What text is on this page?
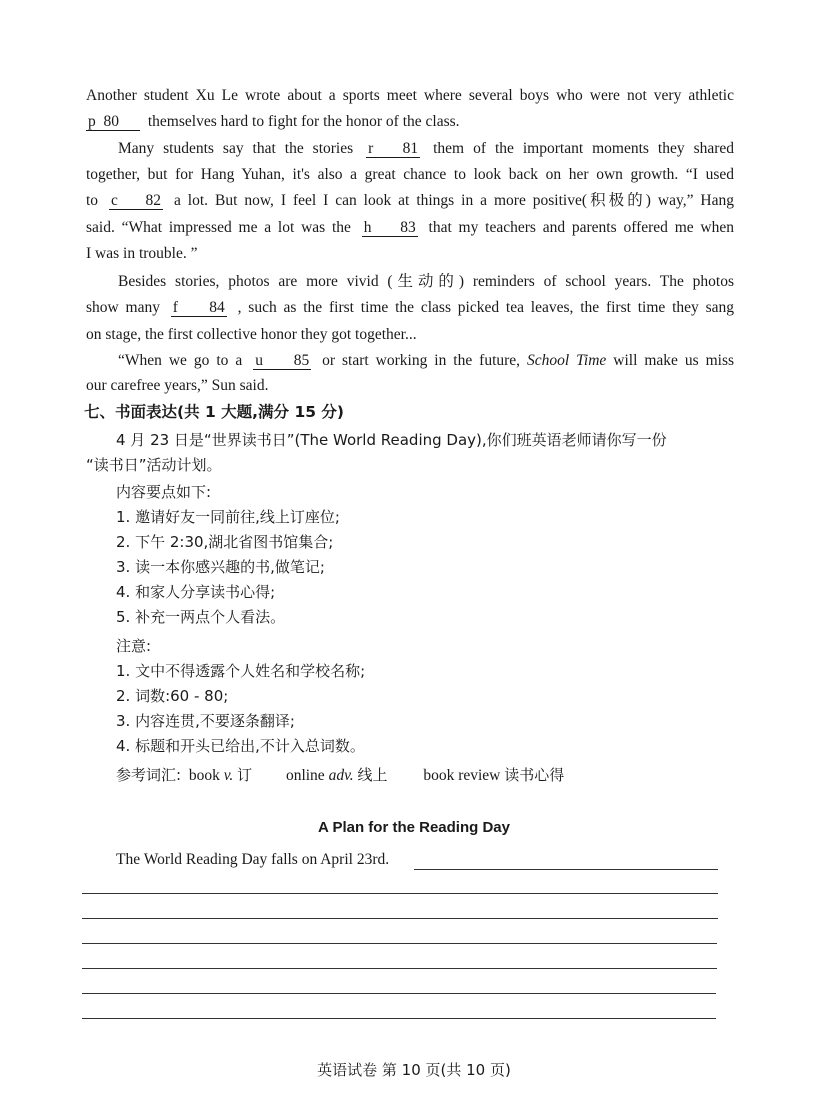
Another student Xu Le wrote about a sports meet where several boys who were not very athletic
p 80 themselves hard to fight for the honor of the class.
Many students say that the stories r 81 them of the important moments they shared
together, but for Hang Yuhan, it's also a great chance to look back on her own growth. “I used
to c 82 a lot. But now, I feel I can look at things in a more positive(积极的) way,” Hang
said. “What impressed me a lot was the h 83 that my teachers and parents offered me when
I was in trouble. ”
Besides stories, photos are more vivid (生动的) reminders of school years. The photos
show many f 84 , such as the first time the class picked tea leaves, the first time they sang
on stage, the first collective honor they got together...
“When we go to a u 85 or start working in the future, School Time will make us miss
our carefree years,” Sun said.
七、书面表达(共 1 大题,满分 15 分)
4 月 23 日是“世界读书日”(The World Reading Day),你们班英语老师请你写一份
“读书日”活动计划。
内容要点如下:
1. 邀请好友一同前往,线上订座位;
2. 下午 2:30,湖北省图书馆集合;
3. 读一本你感兴趣的书,做笔记;
4. 和家人分享读书心得;
5. 补充一两点个人看法。
注意:
1. 文中不得透露个人姓名和学校名称;
2. 词数:60 - 80;
3. 内容连贯,不要逐条翻译;
4. 标题和开头已给出,不计入总词数。
参考词汇: book v. 订 online adv. 线上 book review 读书心得
A Plan for the Reading Day
The World Reading Day falls on April 23rd.
英语试卷 第 10 页(共 10 页)
